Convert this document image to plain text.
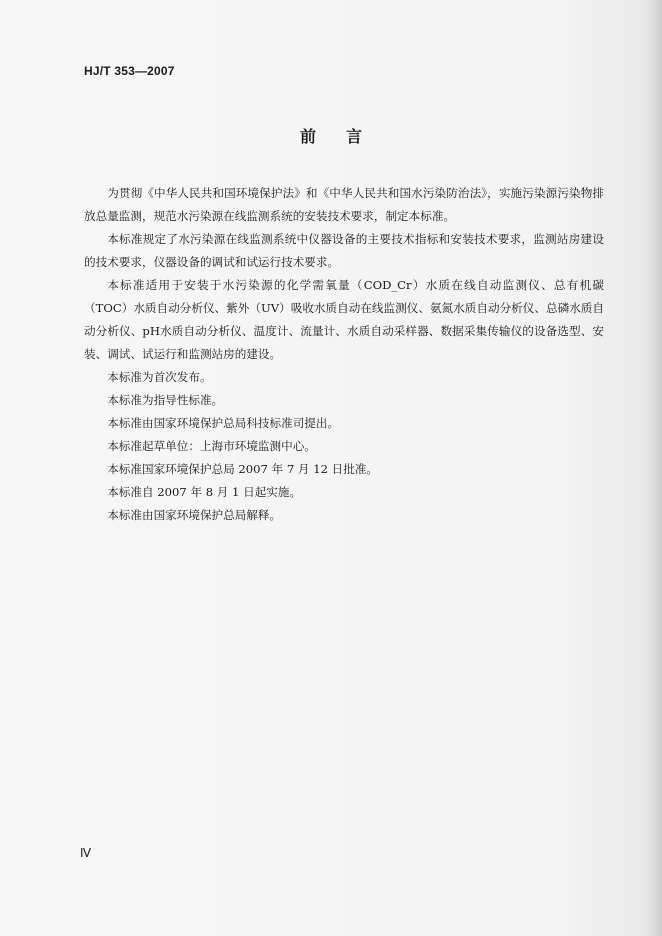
HJ/T 353—2007
前言

为贯彻《中华人民共和国环境保护法》和《中华人民共和国水污染防治法》，实施污染源污染物排放总量监测，规范水污染源在线监测系统的安装技术要求，制定本标准。

本标准规定了水污染源在线监测系统中仪器设备的主要技术指标和安装技术要求，监测站房建设的技术要求，仪器设备的调试和试运行技术要求。

本标准适用于安装于水污染源的化学需氧量（COD_Cr）水质在线自动监测仪、总有机碳（TOC）水质自动分析仪、紫外（UV）吸收水质自动在线监测仪、氨氮水质自动分析仪、总磷水质自动分析仪、pH水质自动分析仪、温度计、流量计、水质自动采样器、数据采集传输仪的设备选型、安装、调试、试运行和监测站房的建设。

本标准为首次发布。

本标准为指导性标准。

本标准由国家环境保护总局科技标准司提出。

本标准起草单位：上海市环境监测中心。

本标准国家环境保护总局 2007 年 7 月 12 日批准。

本标准自 2007 年 8 月 1 日起实施。

本标准由国家环境保护总局解释。

Ⅳ
